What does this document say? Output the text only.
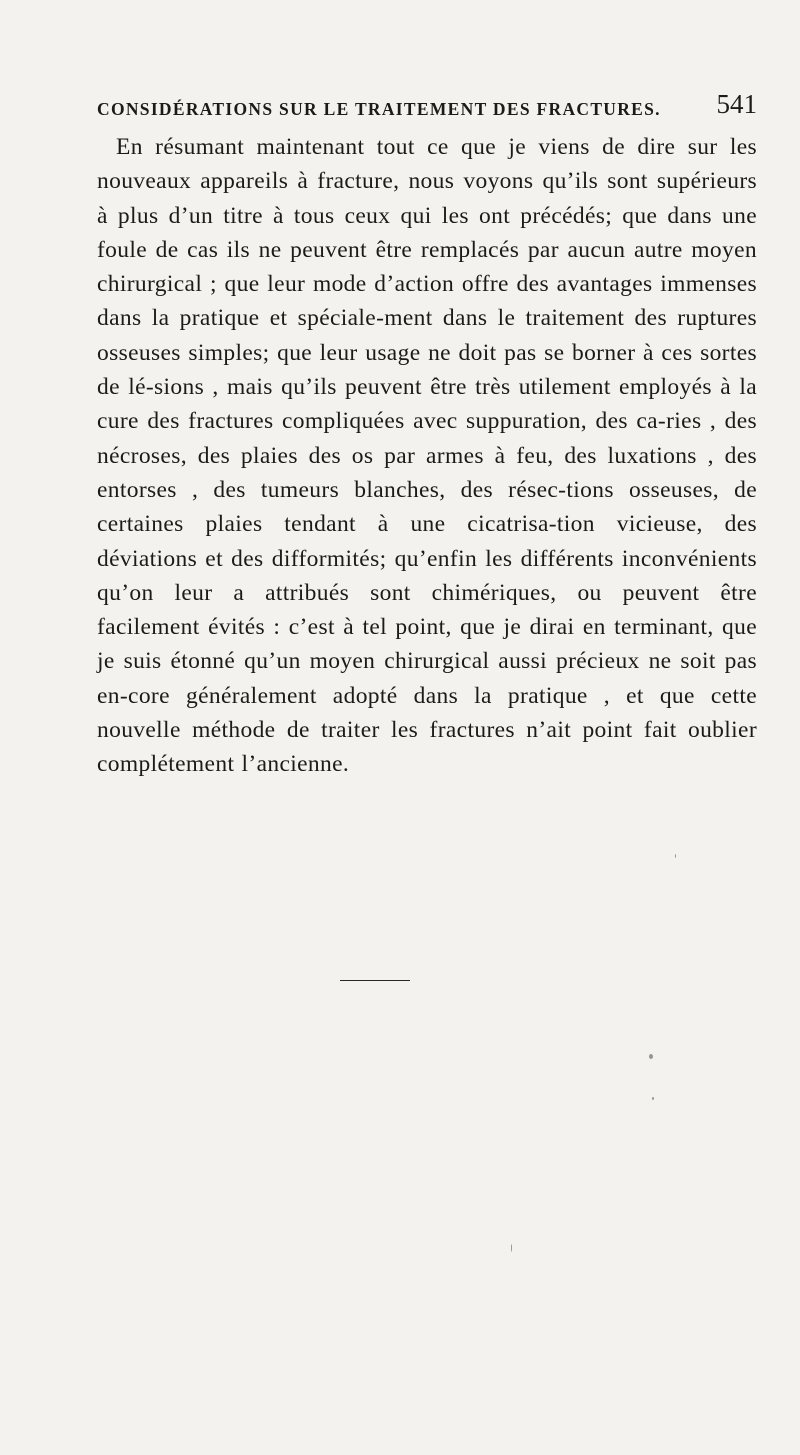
CONSIDÉRATIONS SUR LE TRAITEMENT DES FRACTURES. 541

En résumant maintenant tout ce que je viens de dire sur les nouveaux appareils à fracture, nous voyons qu’ils sont supérieurs à plus d’un titre à tous ceux qui les ont précédés; que dans une foule de cas ils ne peuvent être remplacés par aucun autre moyen chirurgical ; que leur mode d’action offre des avantages immenses dans la pratique et spéciale-ment dans le traitement des ruptures osseuses simples; que leur usage ne doit pas se borner à ces sortes de lé-sions , mais qu’ils peuvent être très utilement employés à la cure des fractures compliquées avec suppuration, des ca-ries , des nécroses, des plaies des os par armes à feu, des luxations , des entorses , des tumeurs blanches, des résec-tions osseuses, de certaines plaies tendant à une cicatrisa-tion vicieuse, des déviations et des difformités; qu’enfin les différents inconvénients qu’on leur a attribués sont chimériques, ou peuvent être facilement évités : c’est à tel point, que je dirai en terminant, que je suis étonné qu’un moyen chirurgical aussi précieux ne soit pas en-core généralement adopté dans la pratique , et que cette nouvelle méthode de traiter les fractures n’ait point fait oublier complétement l’ancienne.
